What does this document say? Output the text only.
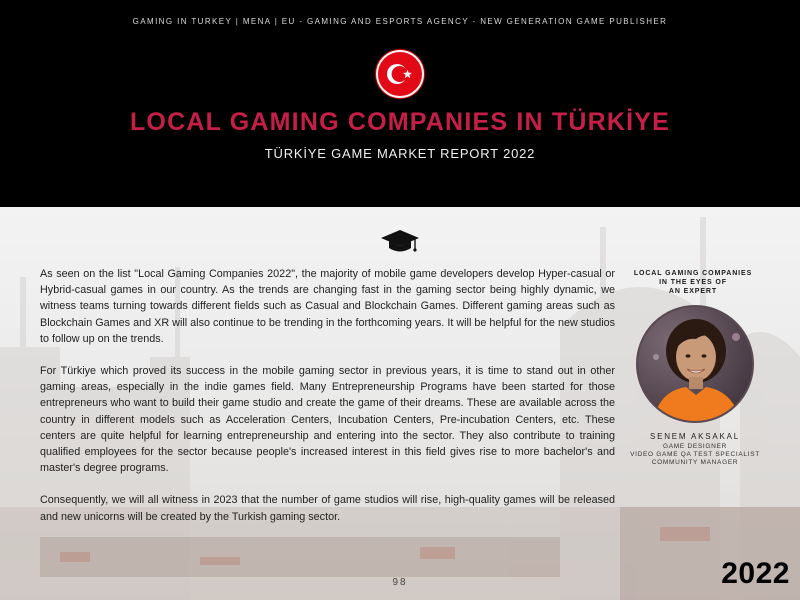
GAMING IN TURKEY | MENA | EU - GAMING AND ESPORTS AGENCY - NEW GENERATION GAME PUBLISHER
LOCAL GAMING COMPANIES IN TÜRKİYE
TÜRKİYE GAME MARKET REPORT 2022

As seen on the list "Local Gaming Companies 2022", the majority of mobile game developers develop Hyper-casual or Hybrid-casual games in our country. As the trends are changing fast in the gaming sector being highly dynamic, we witness teams turning towards different fields such as Casual and Blockchain Games. Different gaming areas such as Blockchain Games and XR will also continue to be trending in the forthcoming years. It will be helpful for the new studios to follow up on the trends.

For Türkiye which proved its success in the mobile gaming sector in previous years, it is time to stand out in other gaming areas, especially in the indie games field. Many Entrepreneurship Programs have been started for those entrepreneurs who want to build their game studio and create the game of their dreams. These are available across the country in different models such as Acceleration Centers, Incubation Centers, Pre-incubation Centers, etc. These centers are quite helpful for learning entrepreneurship and entering into the sector. They also contribute to training qualified employees for the sector because people's increased interest in this field gives rise to more bachelor's and master's degree programs.

Consequently, we will all witness in 2023 that the number of game studios will rise, high-quality games will be released and new unicorns will be created by the Turkish gaming sector.

LOCAL GAMING COMPANIES
IN THE EYES OF
AN EXPERT
SENEM AKSAKAL
GAME DESIGNER
VIDEO GAME QA TEST SPECIALIST
COMMUNITY MANAGER
98	2022
